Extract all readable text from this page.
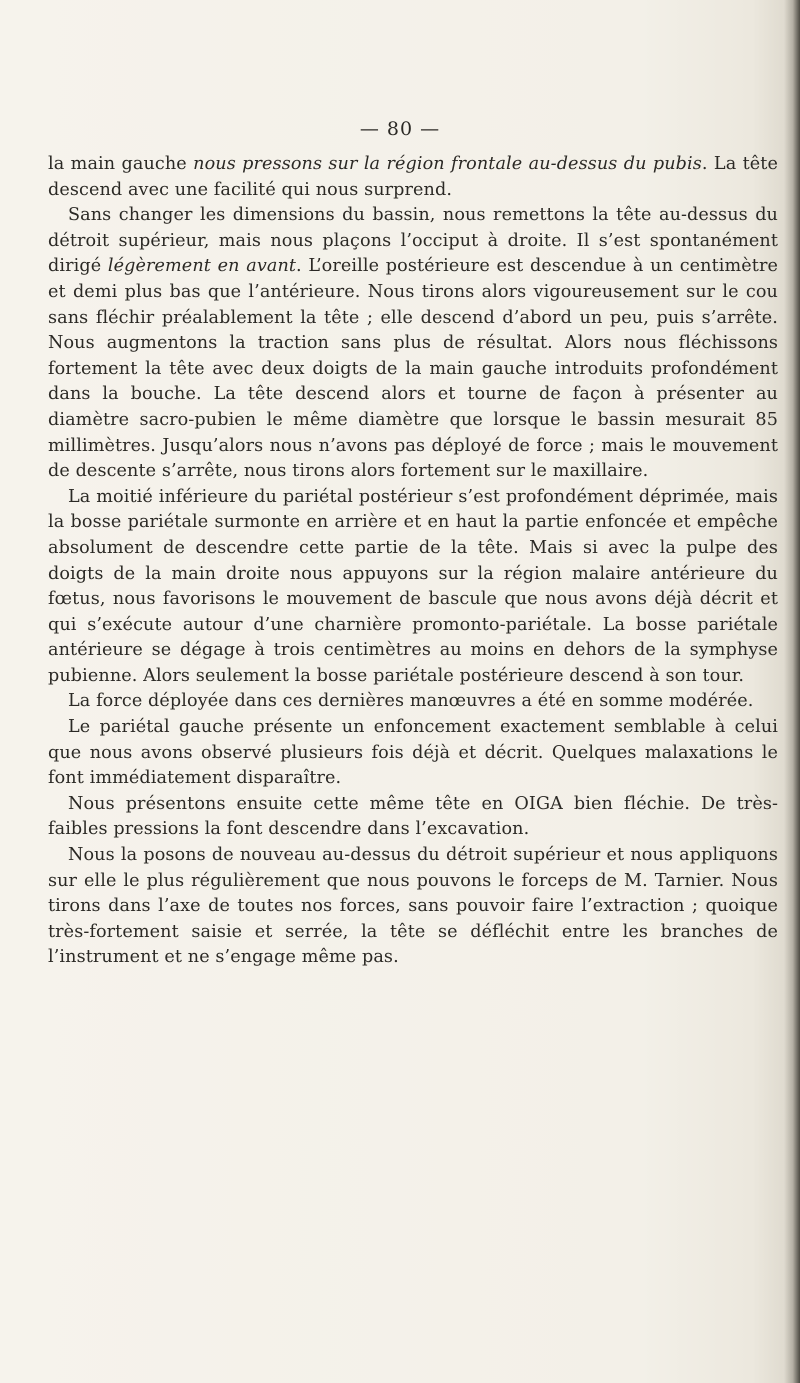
— 80 —

la main gauche nous pressons sur la région frontale au-dessus du pubis. La tête descend avec une facilité qui nous surprend.

Sans changer les dimensions du bassin, nous remettons la tête au-dessus du détroit supérieur, mais nous plaçons l’occiput à droite. Il s’est spontanément dirigé légèrement en avant. L’oreille postérieure est descendue à un centimètre et demi plus bas que l’antérieure. Nous tirons alors vigoureusement sur le cou sans fléchir préalablement la tête ; elle descend d’abord un peu, puis s’arrête. Nous augmentons la traction sans plus de résultat. Alors nous fléchissons fortement la tête avec deux doigts de la main gauche introduits profondément dans la bouche. La tête descend alors et tourne de façon à présenter au diamètre sacro-pubien le même diamètre que lorsque le bassin mesurait 85 millimètres. Jusqu’alors nous n’avons pas déployé de force ; mais le mouvement de descente s’arrête, nous tirons alors fortement sur le maxillaire.

La moitié inférieure du pariétal postérieur s’est profondément déprimée, mais la bosse pariétale surmonte en arrière et en haut la partie enfoncée et empêche absolument de descendre cette partie de la tête. Mais si avec la pulpe des doigts de la main droite nous appuyons sur la région malaire antérieure du fœtus, nous favorisons le mouvement de bascule que nous avons déjà décrit et qui s’exécute autour d’une charnière promonto-pariétale. La bosse pariétale antérieure se dégage à trois centimètres au moins en dehors de la symphyse pubienne. Alors seulement la bosse pariétale postérieure descend à son tour.

La force déployée dans ces dernières manœuvres a été en somme modérée.

Le pariétal gauche présente un enfoncement exactement semblable à celui que nous avons observé plusieurs fois déjà et décrit. Quelques malaxations le font immédiatement disparaître.

Nous présentons ensuite cette même tête en OIGA bien fléchie. De très-faibles pressions la font descendre dans l’excavation.

Nous la posons de nouveau au-dessus du détroit supérieur et nous appliquons sur elle le plus régulièrement que nous pouvons le forceps de M. Tarnier. Nous tirons dans l’axe de toutes nos forces, sans pouvoir faire l’extraction ; quoique très-fortement saisie et serrée, la tête se défléchit entre les branches de l’instrument et ne s’engage même pas.
